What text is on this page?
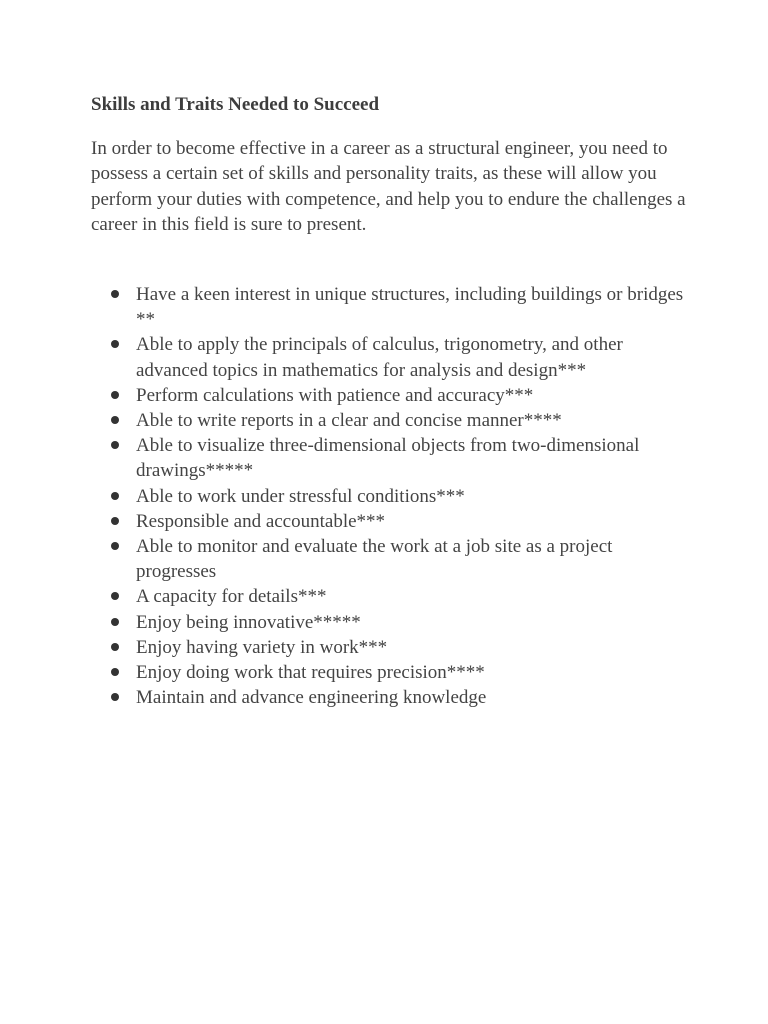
Skills and Traits Needed to Succeed

In order to become effective in a career as a structural engineer, you need to possess a certain set of skills and personality traits, as these will allow you perform your duties with competence, and help you to endure the challenges a career in this field is sure to present.

Have a keen interest in unique structures, including buildings or bridges **
Able to apply the principals of calculus, trigonometry, and other advanced topics in mathematics for analysis and design***
Perform calculations with patience and accuracy***
Able to write reports in a clear and concise manner****
Able to visualize three-dimensional objects from two-dimensional drawings*****
Able to work under stressful conditions***
Responsible and accountable***
Able to monitor and evaluate the work at a job site as a project progresses
A capacity for details***
Enjoy being innovative*****
Enjoy having variety in work***
Enjoy doing work that requires precision****
Maintain and advance engineering knowledge
